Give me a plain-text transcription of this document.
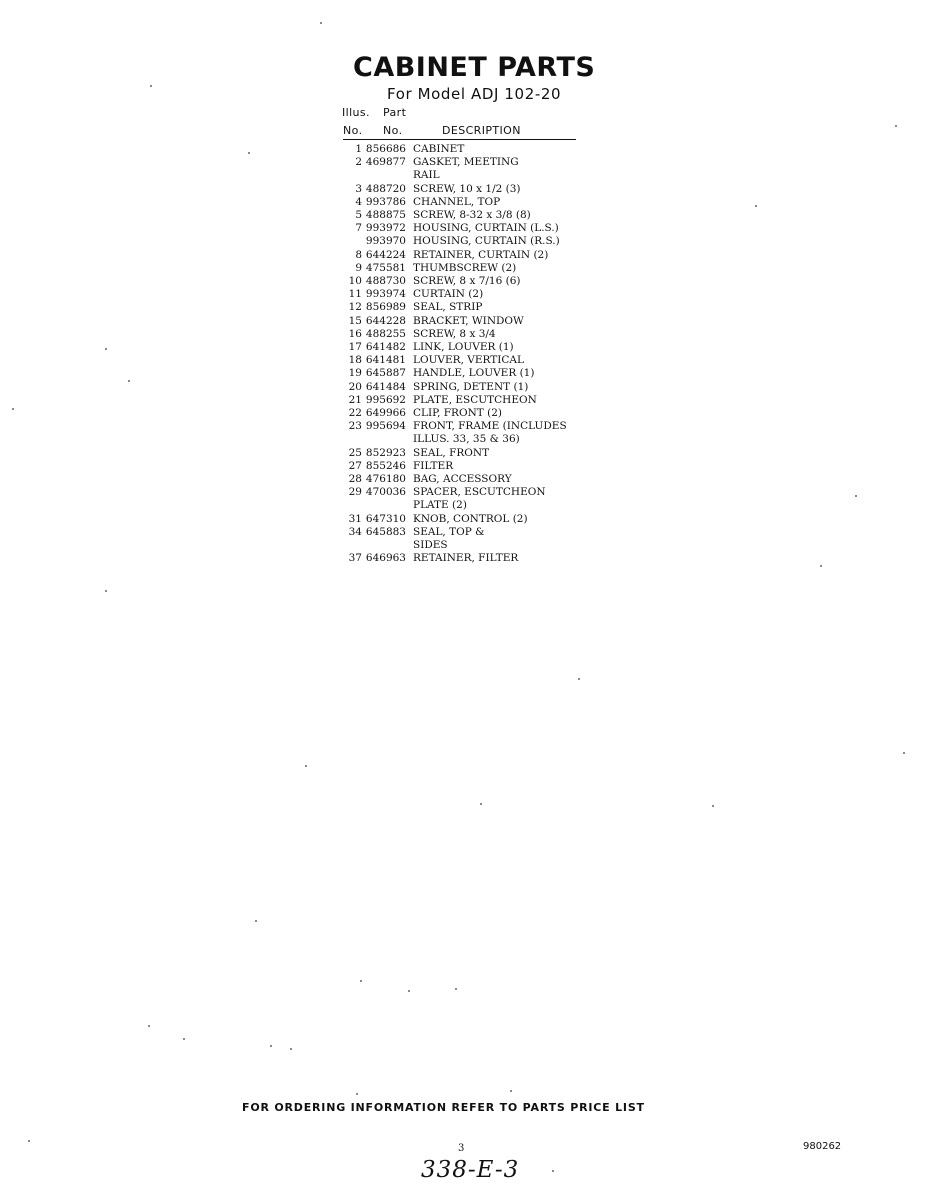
CABINET PARTS
For Model ADJ 102-20
Illus. Part
No. No.	DESCRIPTION
1 856686 CABINET
2 469877 GASKET, MEETING
RAIL
3 488720 SCREW, 10 x 1/2 (3)
4 993786 CHANNEL, TOP
5 488875 SCREW, 8-32 x 3/8 (8)
7 993972 HOUSING, CURTAIN (L.S.)
993970 HOUSING, CURTAIN (R.S.)
8 644224 RETAINER, CURTAIN (2)
9 475581 THUMBSCREW (2)
10 488730 SCREW, 8 x 7/16 (6)
11 993974 CURTAIN (2)
12 856989 SEAL, STRIP
15 644228 BRACKET, WINDOW
16 488255 SCREW, 8 x 3/4
17 641482 LINK, LOUVER (1)
18 641481 LOUVER, VERTICAL
19 645887 HANDLE, LOUVER (1)
20 641484 SPRING, DETENT (1)
21 995692 PLATE, ESCUTCHEON
22 649966 CLIP, FRONT (2)
23 995694 FRONT, FRAME (INCLUDES
ILLUS. 33, 35 & 36)
25 852923 SEAL, FRONT
27 855246 FILTER
28 476180 BAG, ACCESSORY
29 470036 SPACER, ESCUTCHEON
PLATE (2)
31 647310 KNOB, CONTROL (2)
34 645883 SEAL, TOP &
SIDES
37 646963 RETAINER, FILTER
FOR ORDERING INFORMATION REFER TO PARTS PRICE LIST
3	980262
338-E-3
